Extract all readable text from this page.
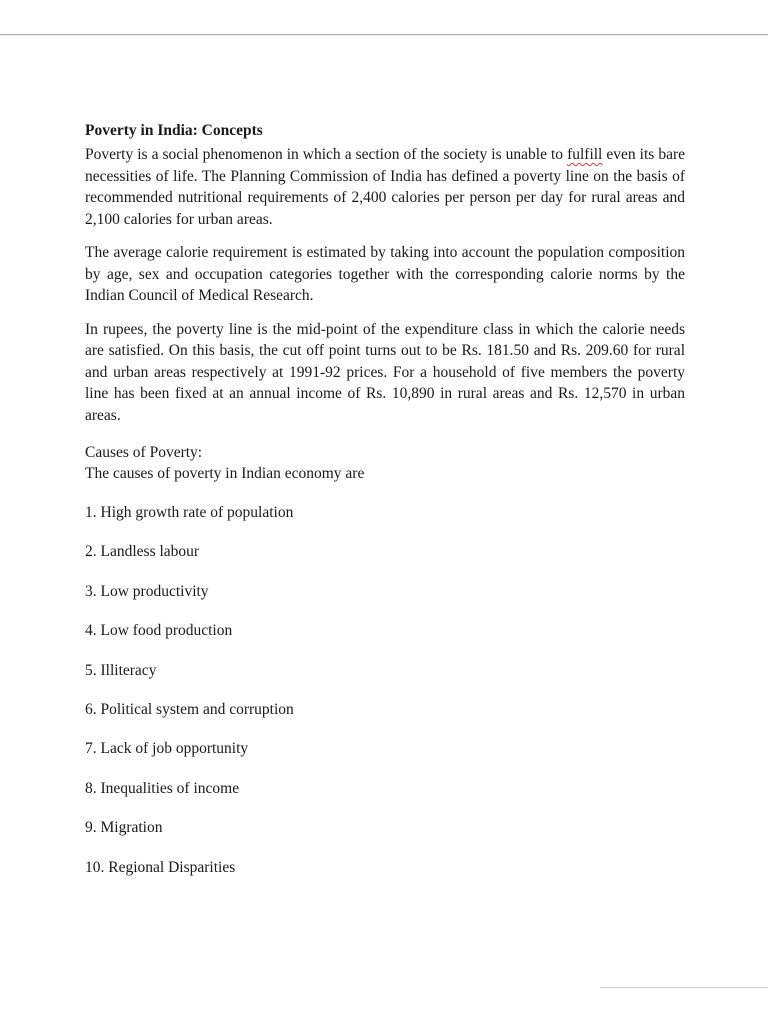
Poverty in India: Concepts

Poverty is a social phenomenon in which a section of the society is unable to fulfill even its bare necessities of life. The Planning Commission of India has defined a poverty line on the basis of recommended nutritional requirements of 2,400 calories per person per day for rural areas and 2,100 calories for urban areas.

The average calorie requirement is estimated by taking into account the population composition by age, sex and occupation categories together with the corresponding calorie norms by the Indian Council of Medical Research.

In rupees, the poverty line is the mid-point of the expenditure class in which the calorie needs are satisfied. On this basis, the cut off point turns out to be Rs. 181.50 and Rs. 209.60 for rural and urban areas respectively at 1991-92 prices. For a household of five members the poverty line has been fixed at an annual income of Rs. 10,890 in rural areas and Rs. 12,570 in urban areas.

Causes of Poverty:
The causes of poverty in Indian economy are
1. High growth rate of population
2. Landless labour
3. Low productivity
4. Low food production
5. Illiteracy
6. Political system and corruption
7. Lack of job opportunity
8. Inequalities of income
9. Migration
10. Regional Disparities
